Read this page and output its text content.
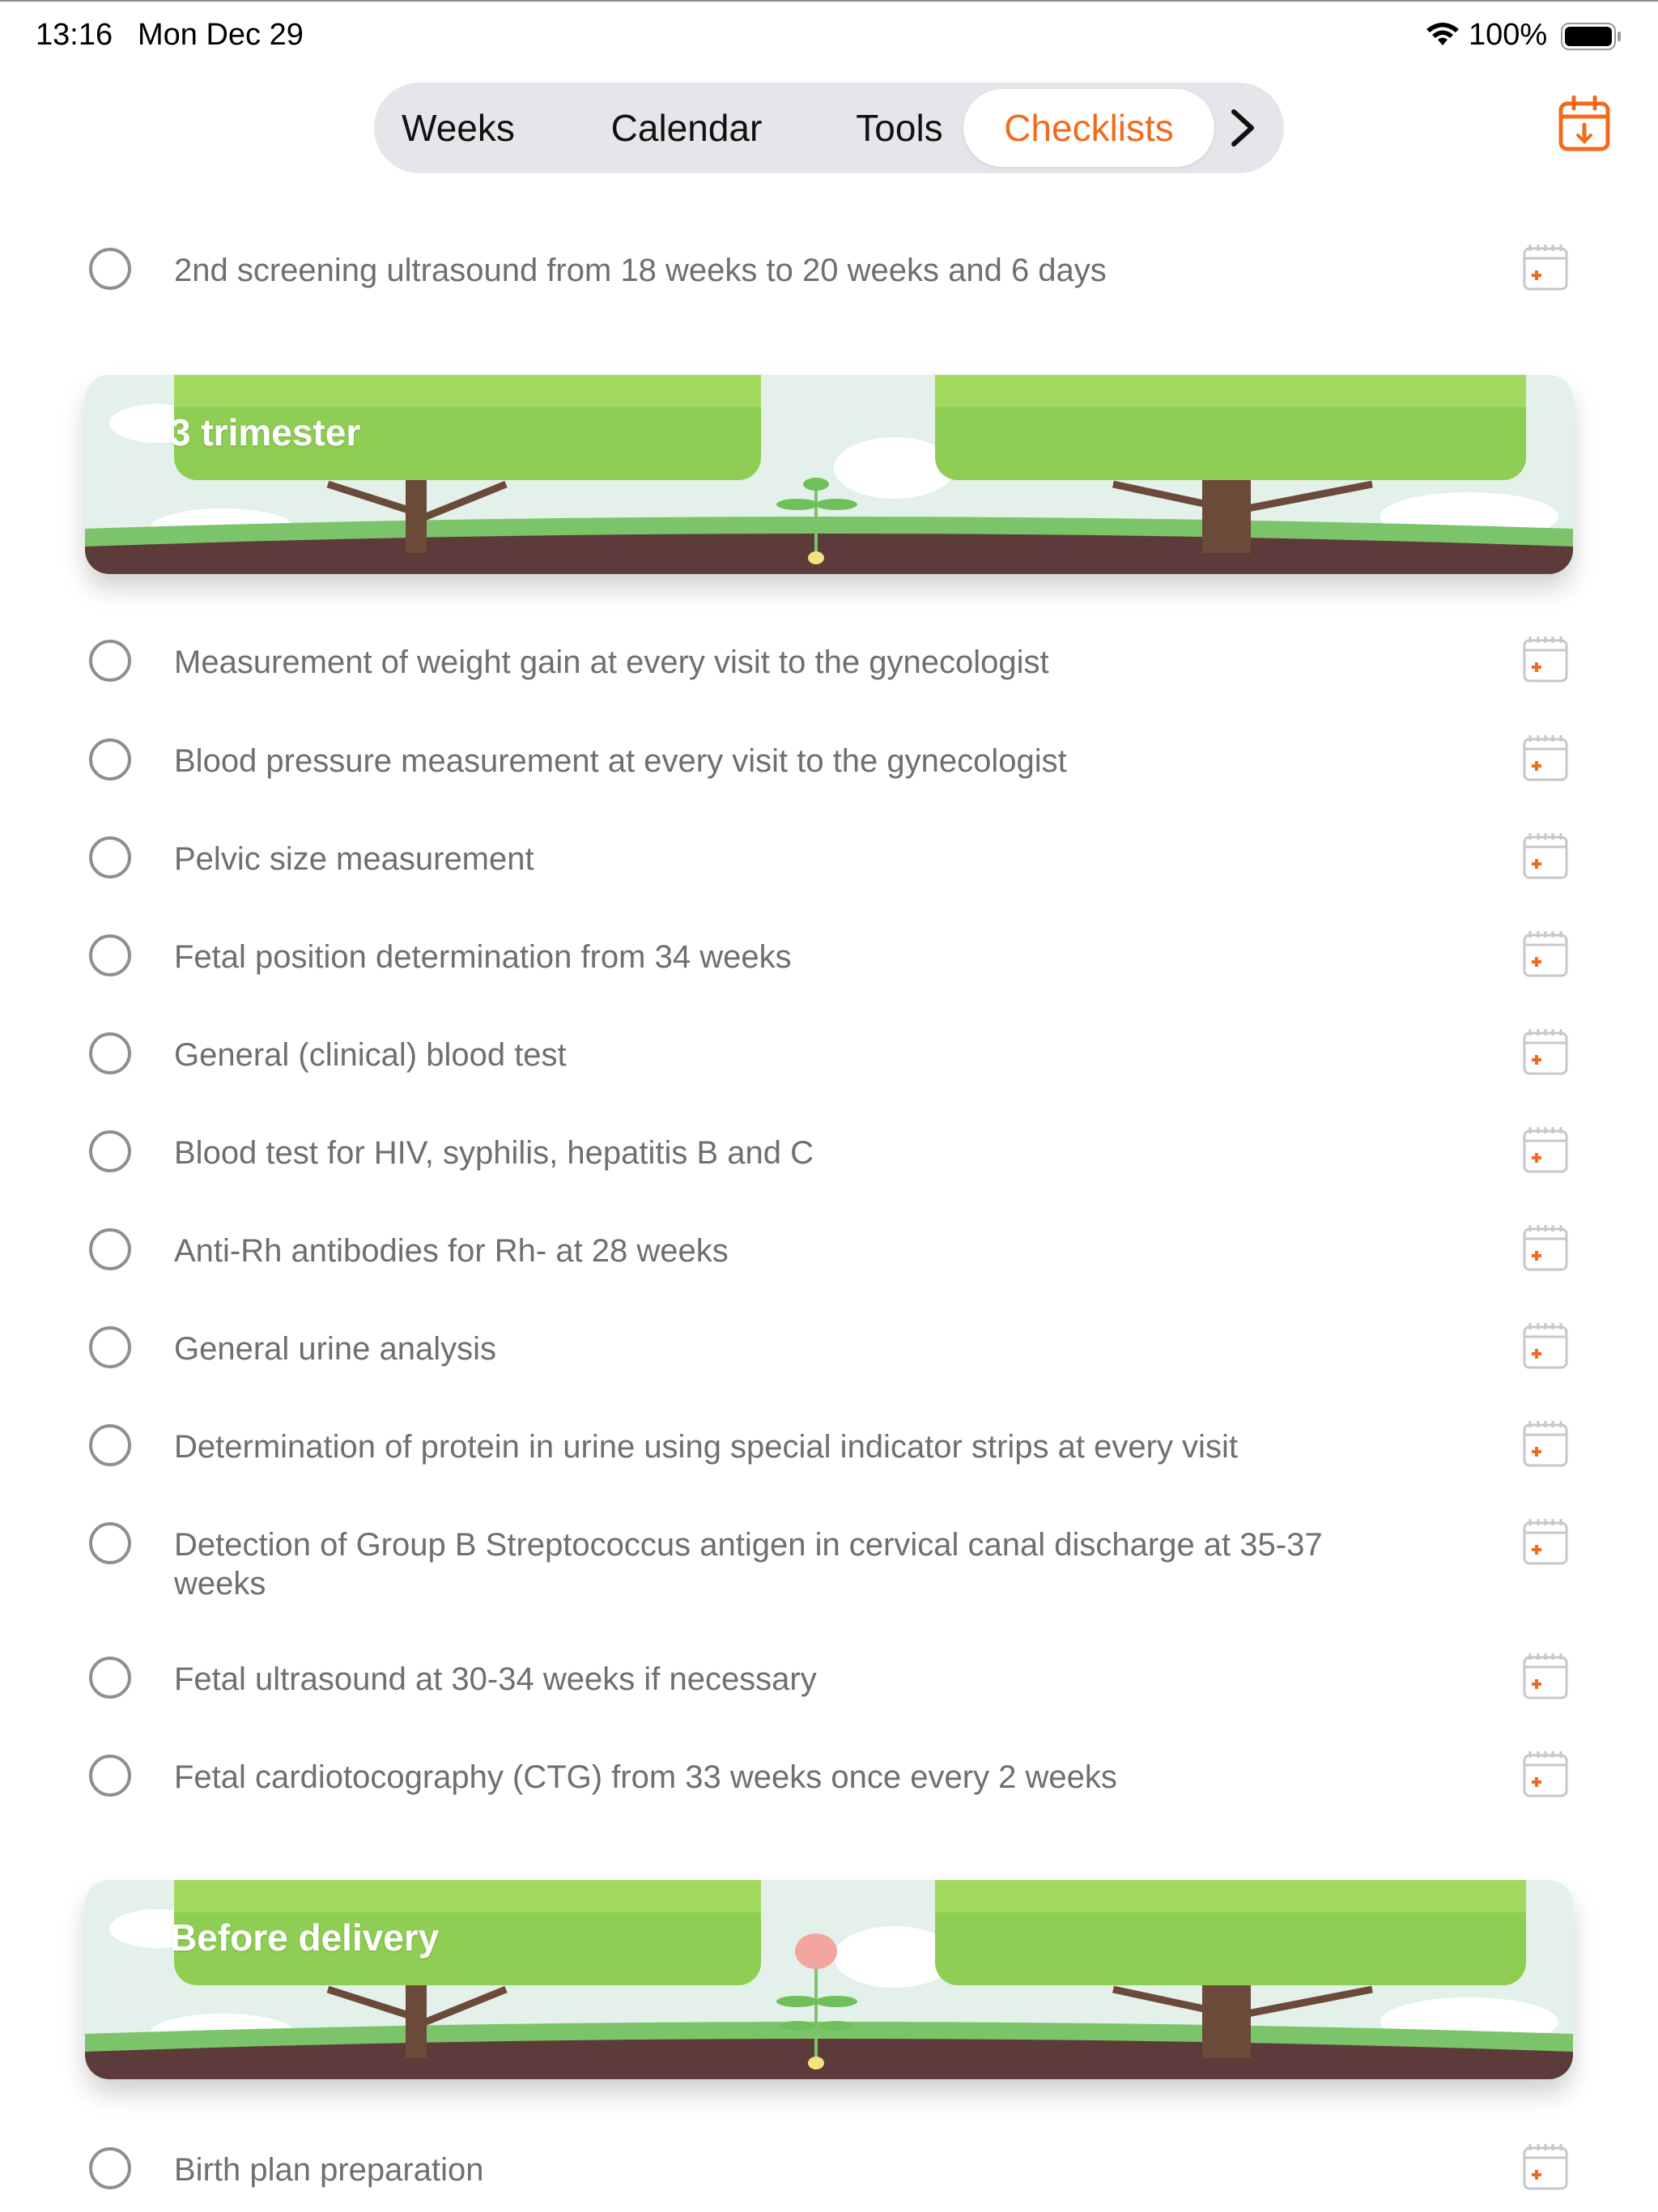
13:16 Mon Dec 29	100%
Weeks	Calendar	Tools	Checklists
2nd screening ultrasound from 18 weeks to 20 weeks and 6 days
3 trimester
Measurement of weight gain at every visit to the gynecologist
Blood pressure measurement at every visit to the gynecologist
Pelvic size measurement
Fetal position determination from 34 weeks
General (clinical) blood test
Blood test for HIV, syphilis, hepatitis B and C
Anti-Rh antibodies for Rh- at 28 weeks
General urine analysis
Determination of protein in urine using special indicator strips at every visit
Detection of Group B Streptococcus antigen in cervical canal discharge at 35-37 weeks
Fetal ultrasound at 30-34 weeks if necessary
Fetal cardiotocography (CTG) from 33 weeks once every 2 weeks
Before delivery
Birth plan preparation
